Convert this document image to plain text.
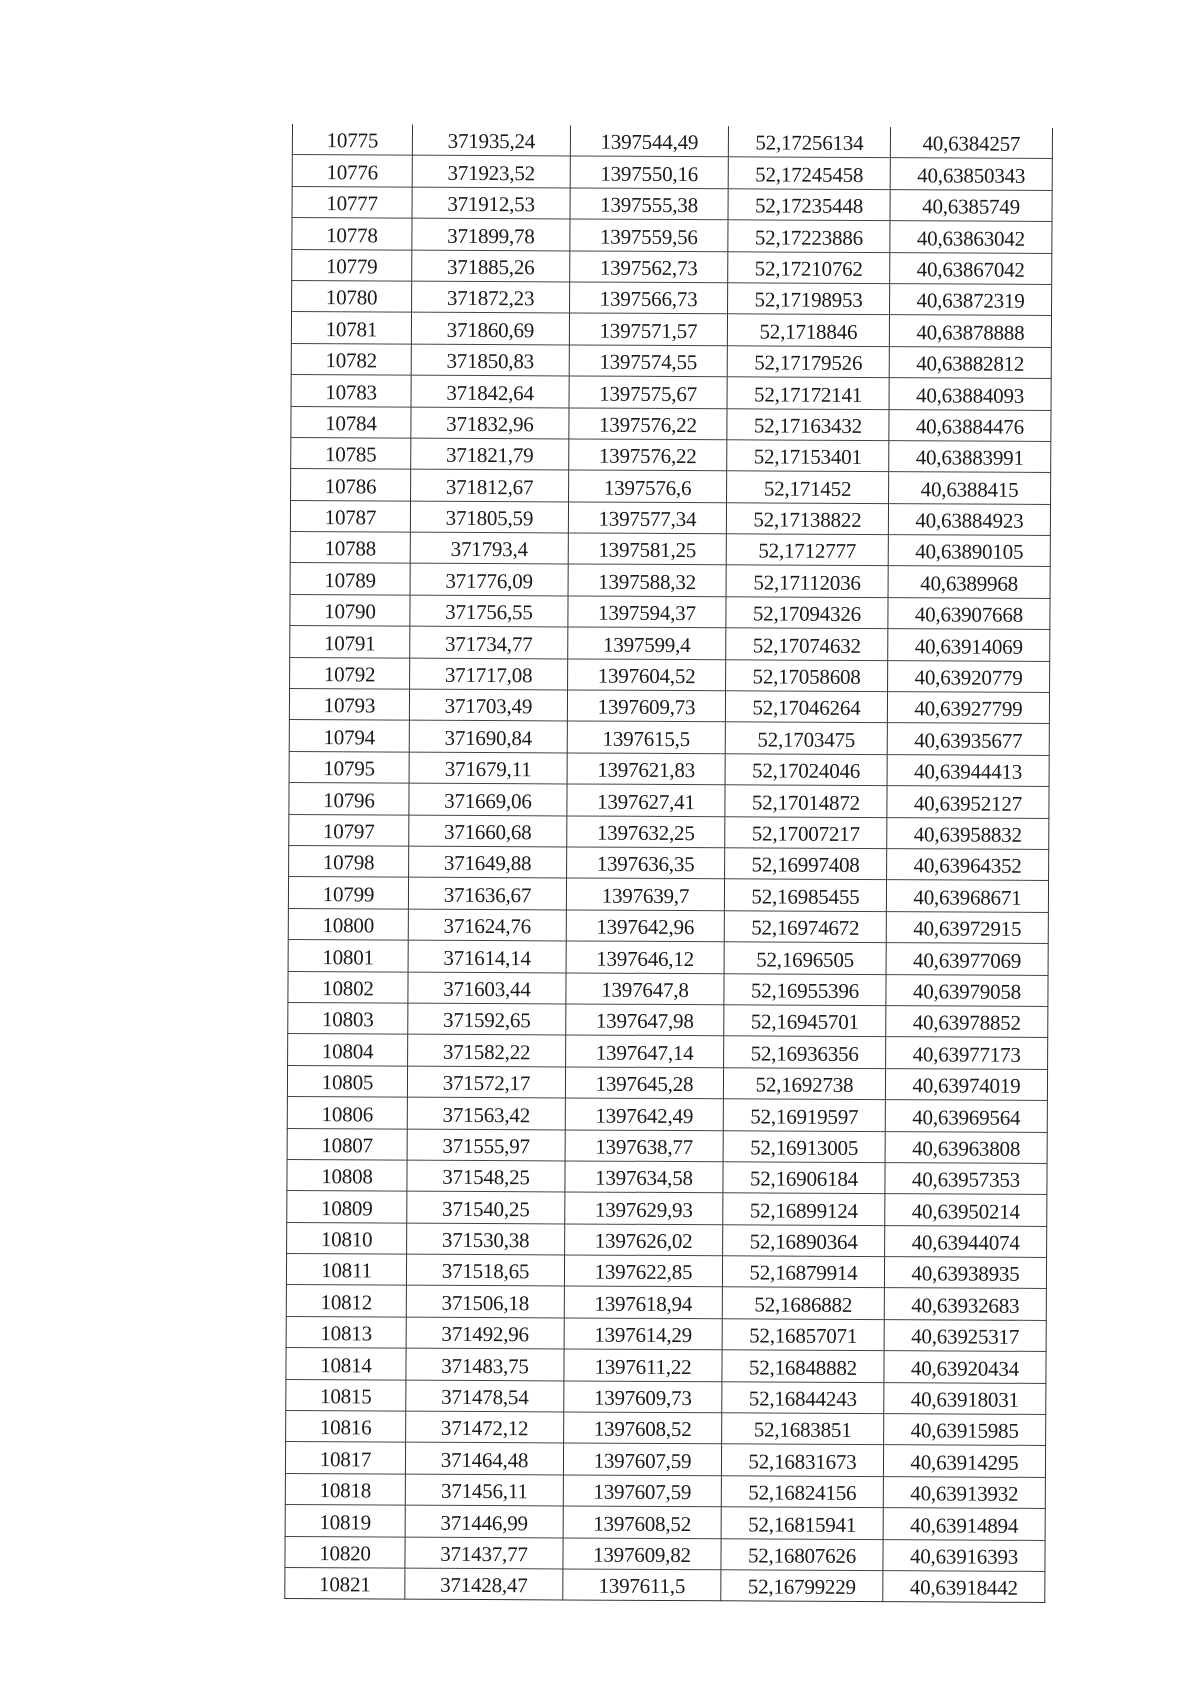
10775	371935,24	1397544,49	52,17256134	40,6384257
10776	371923,52	1397550,16	52,17245458	40,63850343
10777	371912,53	1397555,38	52,17235448	40,6385749
10778	371899,78	1397559,56	52,17223886	40,63863042
10779	371885,26	1397562,73	52,17210762	40,63867042
10780	371872,23	1397566,73	52,17198953	40,63872319
10781	371860,69	1397571,57	52,1718846	40,63878888
10782	371850,83	1397574,55	52,17179526	40,63882812
10783	371842,64	1397575,67	52,17172141	40,63884093
10784	371832,96	1397576,22	52,17163432	40,63884476
10785	371821,79	1397576,22	52,17153401	40,63883991
10786	371812,67	1397576,6	52,171452	40,6388415
10787	371805,59	1397577,34	52,17138822	40,63884923
10788	371793,4	1397581,25	52,1712777	40,63890105
10789	371776,09	1397588,32	52,17112036	40,6389968
10790	371756,55	1397594,37	52,17094326	40,63907668
10791	371734,77	1397599,4	52,17074632	40,63914069
10792	371717,08	1397604,52	52,17058608	40,63920779
10793	371703,49	1397609,73	52,17046264	40,63927799
10794	371690,84	1397615,5	52,1703475	40,63935677
10795	371679,11	1397621,83	52,17024046	40,63944413
10796	371669,06	1397627,41	52,17014872	40,63952127
10797	371660,68	1397632,25	52,17007217	40,63958832
10798	371649,88	1397636,35	52,16997408	40,63964352
10799	371636,67	1397639,7	52,16985455	40,63968671
10800	371624,76	1397642,96	52,16974672	40,63972915
10801	371614,14	1397646,12	52,1696505	40,63977069
10802	371603,44	1397647,8	52,16955396	40,63979058
10803	371592,65	1397647,98	52,16945701	40,63978852
10804	371582,22	1397647,14	52,16936356	40,63977173
10805	371572,17	1397645,28	52,1692738	40,63974019
10806	371563,42	1397642,49	52,16919597	40,63969564
10807	371555,97	1397638,77	52,16913005	40,63963808
10808	371548,25	1397634,58	52,16906184	40,63957353
10809	371540,25	1397629,93	52,16899124	40,63950214
10810	371530,38	1397626,02	52,16890364	40,63944074
10811	371518,65	1397622,85	52,16879914	40,63938935
10812	371506,18	1397618,94	52,1686882	40,63932683
10813	371492,96	1397614,29	52,16857071	40,63925317
10814	371483,75	1397611,22	52,16848882	40,63920434
10815	371478,54	1397609,73	52,16844243	40,63918031
10816	371472,12	1397608,52	52,1683851	40,63915985
10817	371464,48	1397607,59	52,16831673	40,63914295
10818	371456,11	1397607,59	52,16824156	40,63913932
10819	371446,99	1397608,52	52,16815941	40,63914894
10820	371437,77	1397609,82	52,16807626	40,63916393
10821	371428,47	1397611,5	52,16799229	40,63918442
